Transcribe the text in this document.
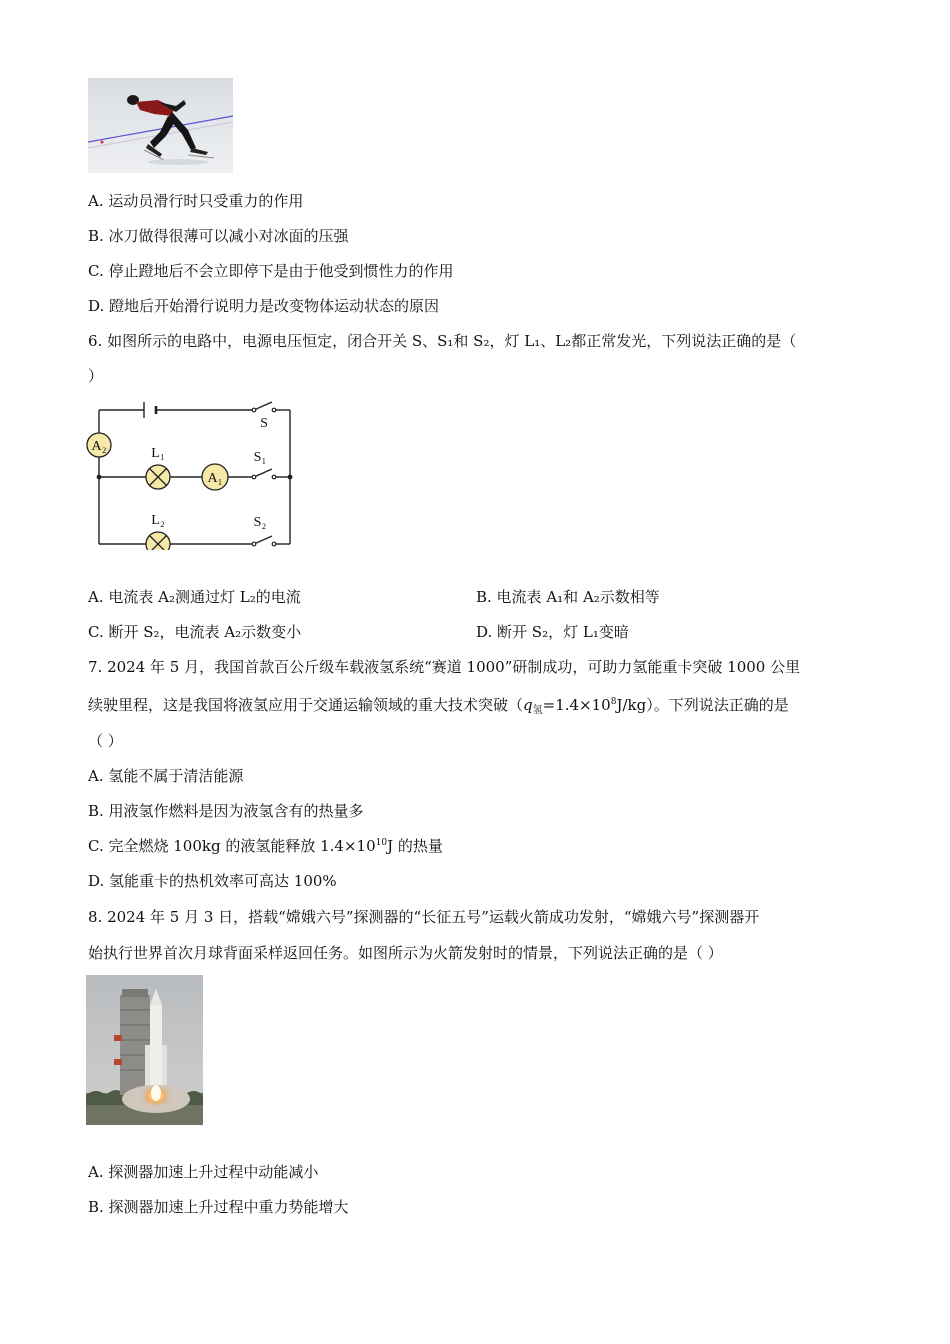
A. 运动员滑行时只受重力的作用
B. 冰刀做得很薄可以减小对冰面的压强
C. 停止蹬地后不会立即停下是由于他受到惯性力的作用
D. 蹬地后开始滑行说明力是改变物体运动状态的原因
6. 如图所示的电路中，电源电压恒定，闭合开关 S、S₁和 S₂，灯 L₁、L₂都正常发光，下列说法正确的是（
）
A₂	L₁
A₁
L₂
S
S₁
S₂
A. 电流表 A₂测通过灯 L₂的电流	B. 电流表 A₁和 A₂示数相等
C. 断开 S₂，电流表 A₂示数变小	D. 断开 S₂，灯 L₁变暗
7. 2024 年 5 月，我国首款百公斤级车载液氢系统“赛道 1000”研制成功，可助力氢能重卡突破 1000 公里
续驶里程，这是我国将液氢应用于交通运输领域的重大技术突破$(q_氢=1.4\times 10^8J/kg)$。下列说法正确的是
（ ）
A. 氢能不属于清洁能源
B. 用液氢作燃料是因为液氢含有的热量多
C. 完全燃烧 100kg 的液氢能释放 $1.4\times 10^{10}J$ 的热量
D. 氢能重卡的热机效率可高达 100%
8. 2024 年 5 月 3 日，搭载“嫦娥六号”探测器的“长征五号”运载火箭成功发射，“嫦娥六号”探测器开
始执行世界首次月球背面采样返回任务。如图所示为火箭发射时的情景，下列说法正确的是（ ）
A. 探测器加速上升过程中动能减小
B. 探测器加速上升过程中重力势能增大
